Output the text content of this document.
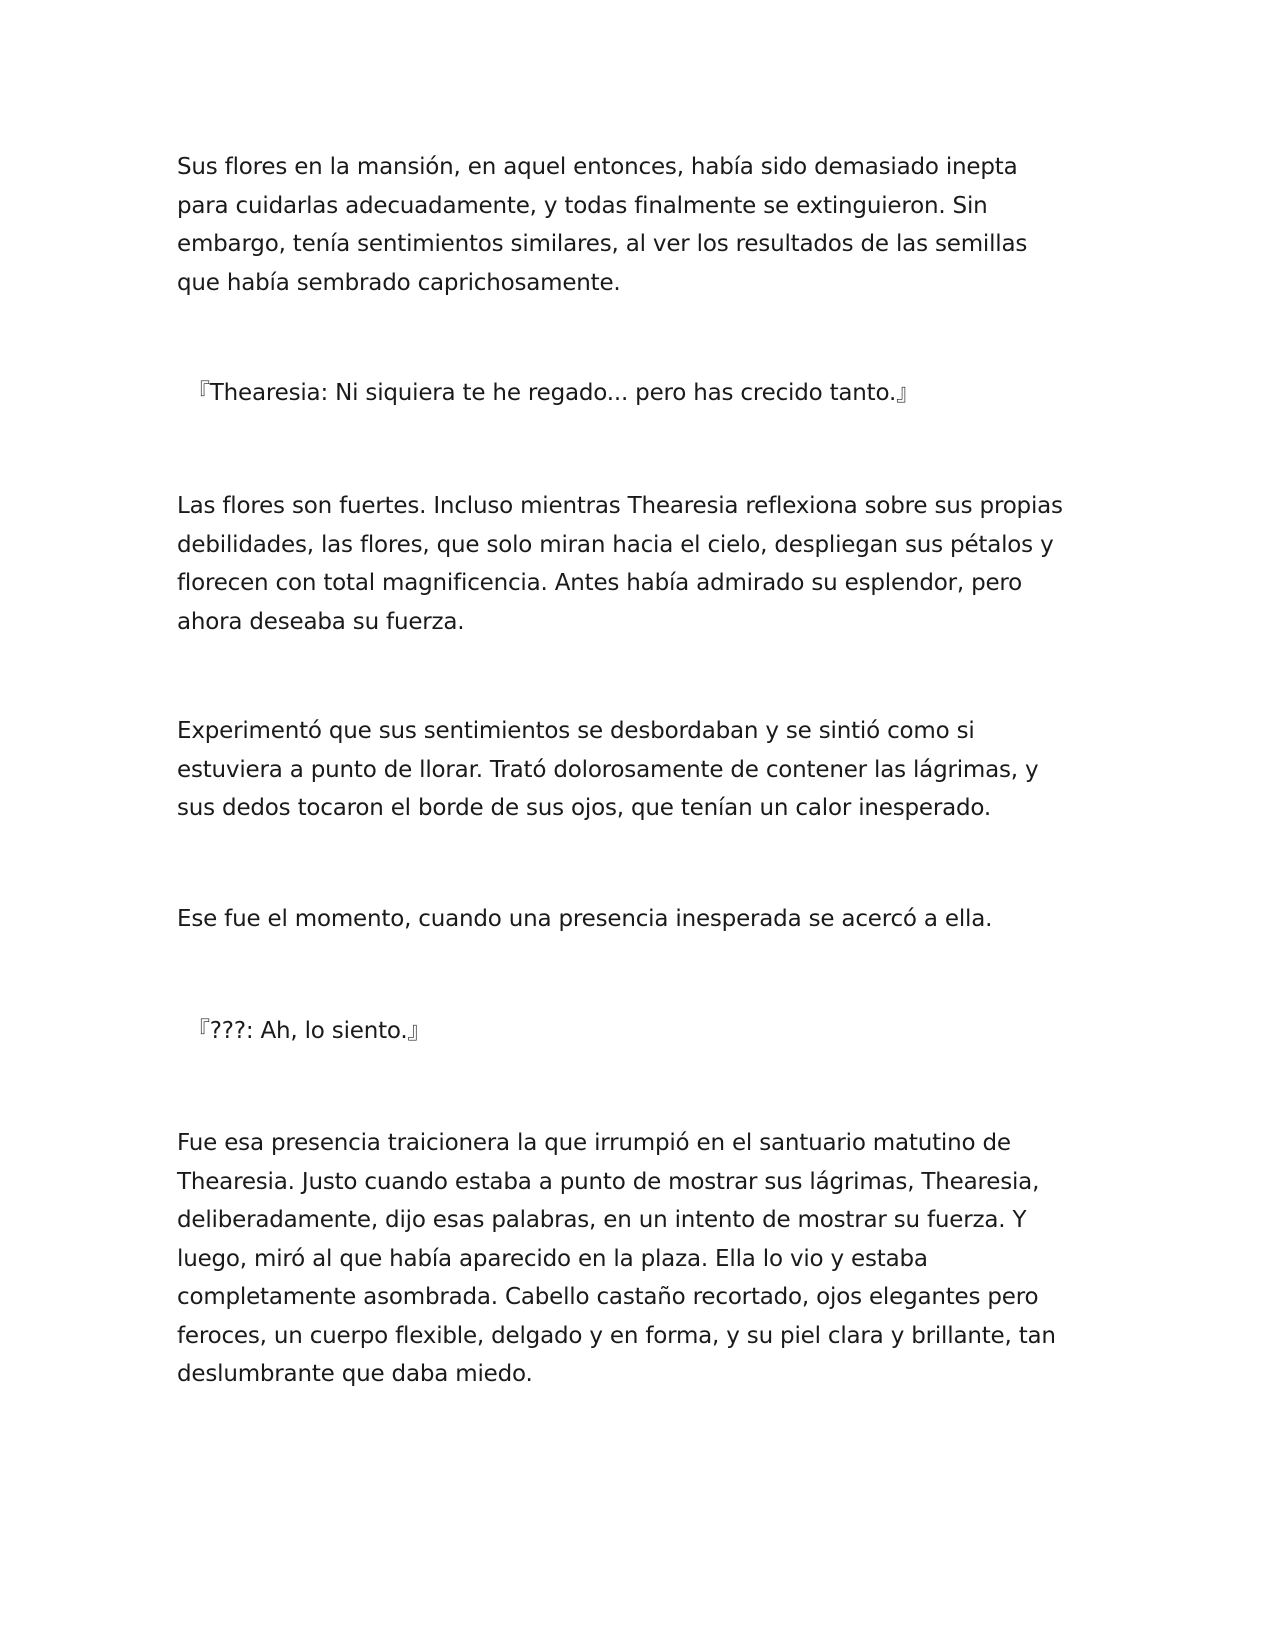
Sus flores en la mansión, en aquel entonces, había sido demasiado inepta
para cuidarlas adecuadamente, y todas finalmente se extinguieron. Sin
embargo, tenía sentimientos similares, al ver los resultados de las semillas
que había sembrado caprichosamente.
『Thearesia: Ni siquiera te he regado... pero has crecido tanto.』
Las flores son fuertes. Incluso mientras Thearesia reflexiona sobre sus propias
debilidades, las flores, que solo miran hacia el cielo, despliegan sus pétalos y
florecen con total magnificencia. Antes había admirado su esplendor, pero
ahora deseaba su fuerza.
Experimentó que sus sentimientos se desbordaban y se sintió como si
estuviera a punto de llorar. Trató dolorosamente de contener las lágrimas, y
sus dedos tocaron el borde de sus ojos, que tenían un calor inesperado.
Ese fue el momento, cuando una presencia inesperada se acercó a ella.
『???: Ah, lo siento.』
Fue esa presencia traicionera la que irrumpió en el santuario matutino de
Thearesia. Justo cuando estaba a punto de mostrar sus lágrimas, Thearesia,
deliberadamente, dijo esas palabras, en un intento de mostrar su fuerza. Y
luego, miró al que había aparecido en la plaza. Ella lo vio y estaba
completamente asombrada. Cabello castaño recortado, ojos elegantes pero
feroces, un cuerpo flexible, delgado y en forma, y su piel clara y brillante, tan
deslumbrante que daba miedo.
